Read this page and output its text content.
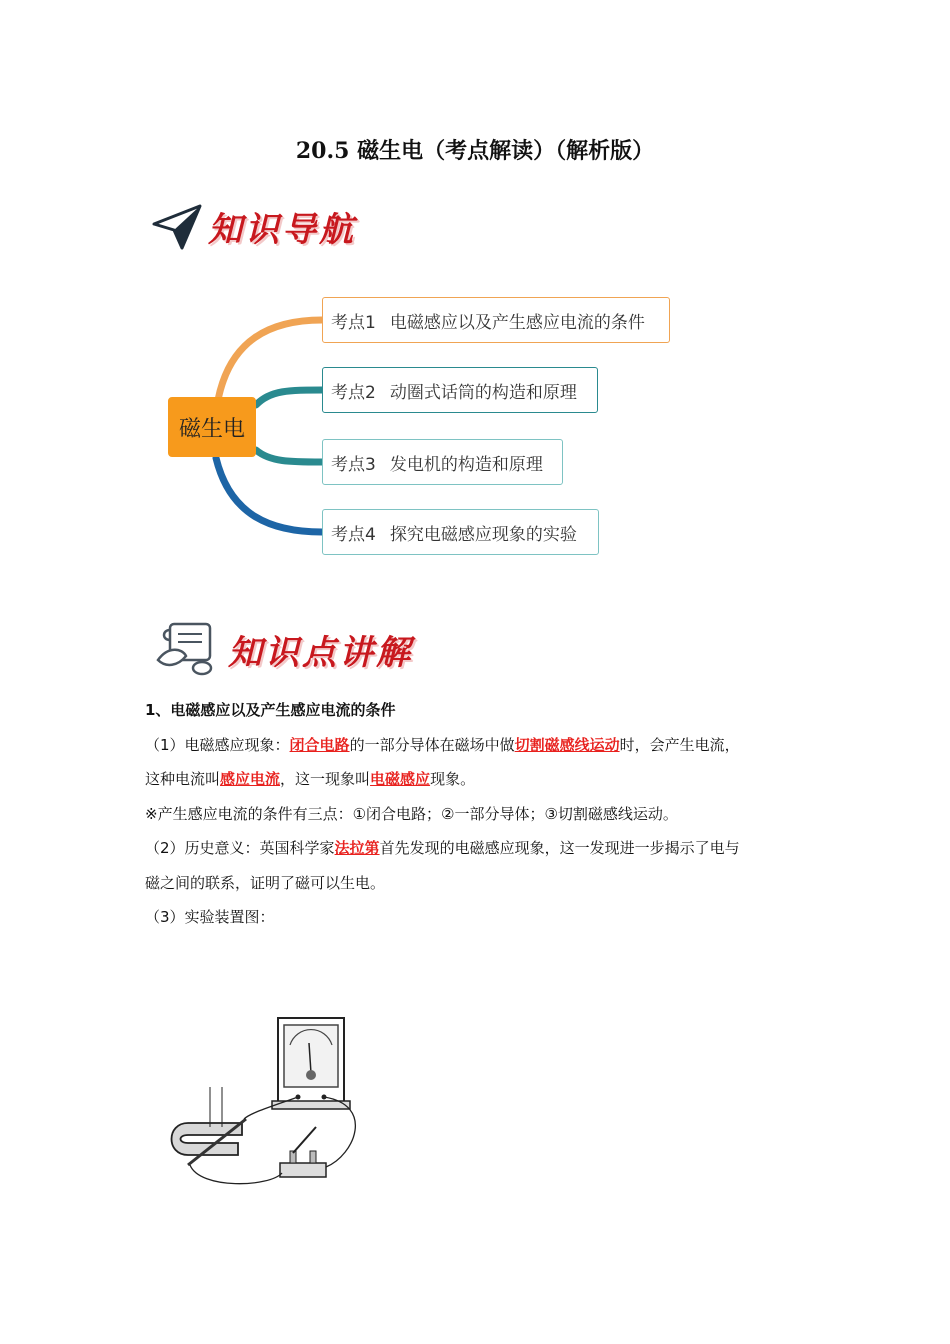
20.5 磁生电（考点解读）（解析版）
知识导航
磁生电
考点1 电磁感应以及产生感应电流的条件
考点2 动圈式话筒的构造和原理
考点3 发电机的构造和原理
考点4 探究电磁感应现象的实验
知识点讲解
1、电磁感应以及产生感应电流的条件
（1）电磁感应现象：闭合电路的一部分导体在磁场中做切割磁感线运动时，会产生电流，
这种电流叫感应电流，这一现象叫电磁感应现象。
※产生感应电流的条件有三点：①闭合电路；②一部分导体；③切割磁感线运动。
（2）历史意义：英国科学家法拉第首先发现的电磁感应现象，这一发现进一步揭示了电与
磁之间的联系，证明了磁可以生电。
（3）实验装置图：
